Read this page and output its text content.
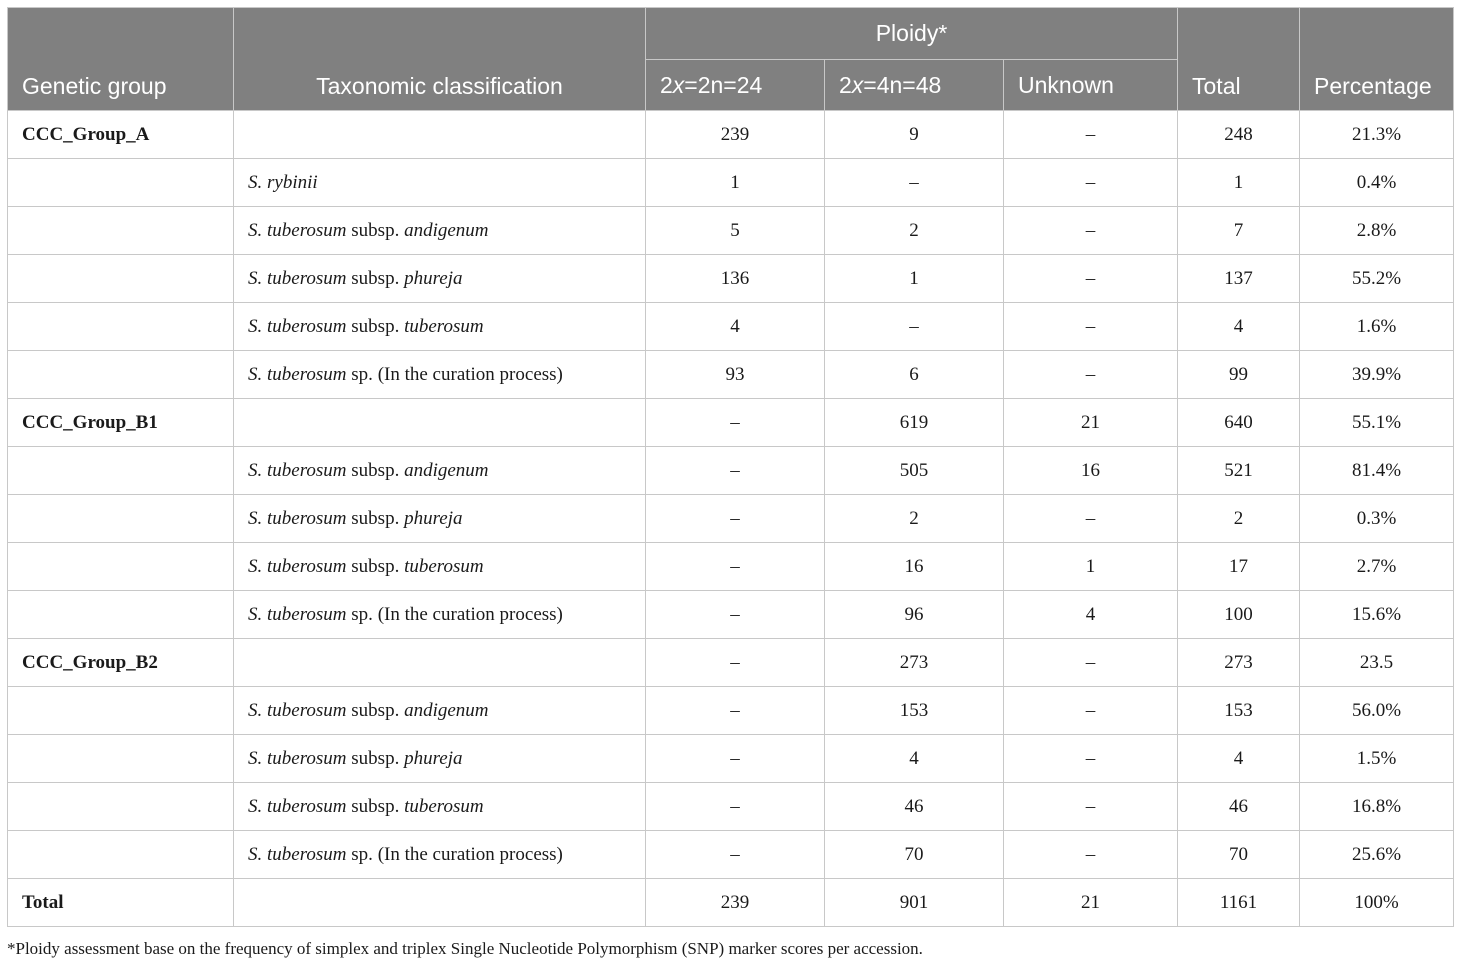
Genetic group	Taxonomic classification	Ploidy*			Total	Percentage
		2x=2n=24	2x=4n=48	Unknown		
CCC_Group_A		239	9	–	248	21.3%
	S. rybinii	1	–	–	1	0.4%
	S. tuberosum subsp. andigenum	5	2	–	7	2.8%
	S. tuberosum subsp. phureja	136	1	–	137	55.2%
	S. tuberosum subsp. tuberosum	4	–	–	4	1.6%
	S. tuberosum sp. (In the curation process)	93	6	–	99	39.9%
CCC_Group_B1		–	619	21	640	55.1%
	S. tuberosum subsp. andigenum	–	505	16	521	81.4%
	S. tuberosum subsp. phureja	–	2	–	2	0.3%
	S. tuberosum subsp. tuberosum	–	16	1	17	2.7%
	S. tuberosum sp. (In the curation process)	–	96	4	100	15.6%
CCC_Group_B2		–	273	–	273	23.5
	S. tuberosum subsp. andigenum	–	153	–	153	56.0%
	S. tuberosum subsp. phureja	–	4	–	4	1.5%
	S. tuberosum subsp. tuberosum	–	46	–	46	16.8%
	S. tuberosum sp. (In the curation process)	–	70	–	70	25.6%
Total		239	901	21	1161	100%
*Ploidy assessment base on the frequency of simplex and triplex Single Nucleotide Polymorphism (SNP) marker scores per accession.
